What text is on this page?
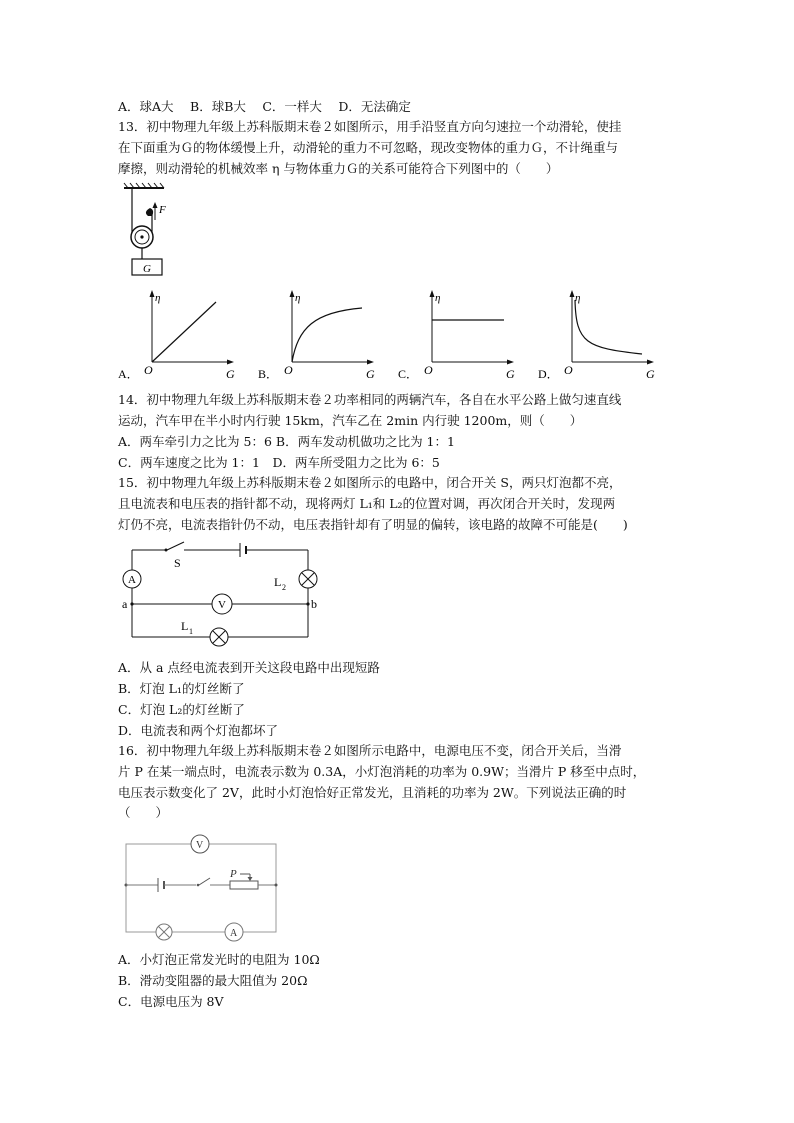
A．球A大　 B．球B大　 C．一样大　 D．无法确定
13．初中物理九年级上苏科版期末卷２如图所示，用手沿竖直方向匀速拉一个动滑轮，使挂
在下面重为Ｇ的物体缓慢上升，动滑轮的重力不可忽略，现改变物体的重力Ｇ，不计绳重与
摩擦，则动滑轮的机械效率 η 与物体重力Ｇ的关系可能符合下列图中的（　　）
F
G
A．
η
G
O	B．
η
G
O	C．
η
G
O	D．
η
G
O
14．初中物理九年级上苏科版期末卷２功率相同的两辆汽车，各自在水平公路上做匀速直线
运动，汽车甲在半小时内行驶 15km，汽车乙在 2min 内行驶 1200m，则（　　）
A．两车牵引力之比为 5：6 B．两车发动机做功之比为 1：1
C．两车速度之比为 1：1　D．两车所受阻力之比为 6：5
15．初中物理九年级上苏科版期末卷２如图所示的电路中，闭合开关 S，两只灯泡都不亮，
且电流表和电压表的指针都不动，现将两灯 L₁和 L₂的位置对调，再次闭合开关时，发现两
灯仍不亮，电流表指针仍不动，电压表指针却有了明显的偏转，该电路的故障不可能是(　　)
S
A	L 2
V
a	b
L 1
A．从 a 点经电流表到开关这段电路中出现短路
B．灯泡 L₁的灯丝断了
C．灯泡 L₂的灯丝断了
D．电流表和两个灯泡都坏了
16．初中物理九年级上苏科版期末卷２如图所示电路中，电源电压不变，闭合开关后，当滑
片 P 在某一端点时，电流表示数为 0.3A，小灯泡消耗的功率为 0.9W；当滑片 P 移至中点时，
电压表示数变化了 2V，此时小灯泡恰好正常发光，且消耗的功率为 2W。下列说法正确的时
（　　）
V
P
A
A．小灯泡正常发光时的电阻为 10Ω
B．滑动变阻器的最大阻值为 20Ω
C．电源电压为 8V
